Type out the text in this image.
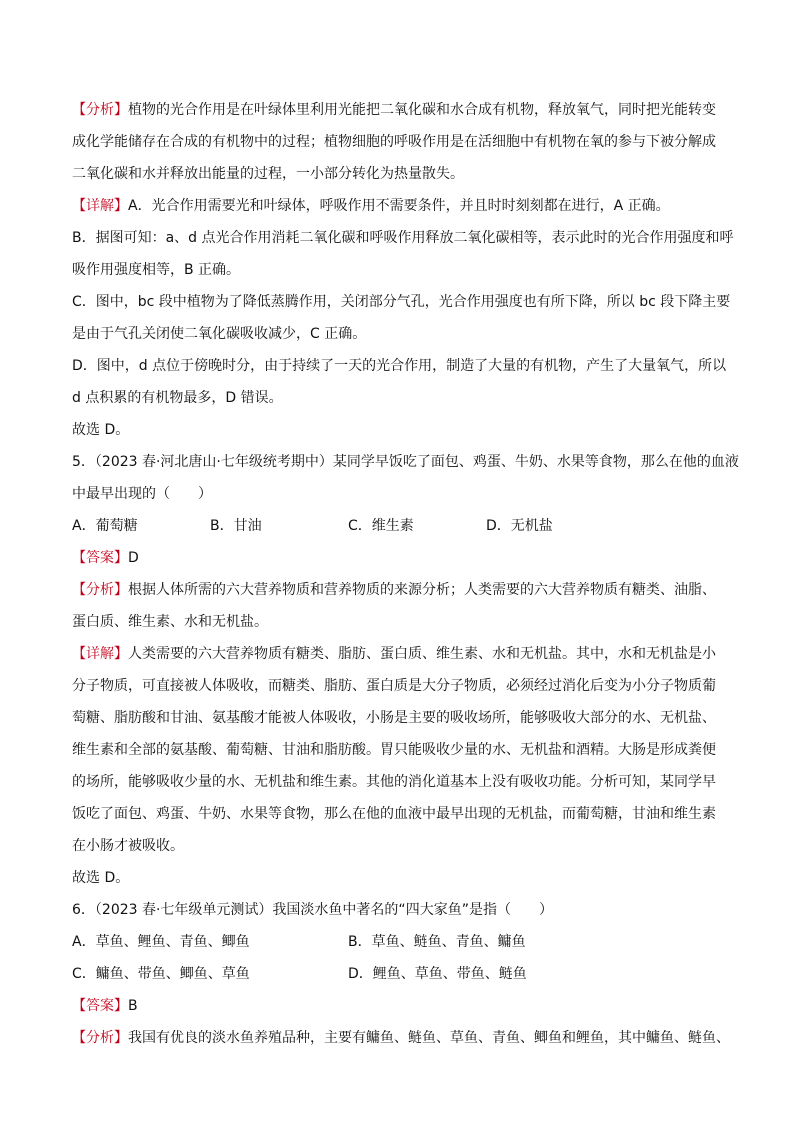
【分析】植物的光合作用是在叶绿体里利用光能把二氧化碳和水合成有机物，释放氧气，同时把光能转变
成化学能储存在合成的有机物中的过程；植物细胞的呼吸作用是在活细胞中有机物在氧的参与下被分解成
二氧化碳和水并释放出能量的过程，一小部分转化为热量散失。
【详解】A．光合作用需要光和叶绿体，呼吸作用不需要条件，并且时时刻刻都在进行，A 正确。
B．据图可知：a、d 点光合作用消耗二氧化碳和呼吸作用释放二氧化碳相等，表示此时的光合作用强度和呼
吸作用强度相等，B 正确。
C．图中，bc 段中植物为了降低蒸腾作用，关闭部分气孔，光合作用强度也有所下降，所以 bc 段下降主要
是由于气孔关闭使二氧化碳吸收减少，C 正确。
D．图中，d 点位于傍晚时分，由于持续了一天的光合作用，制造了大量的有机物，产生了大量氧气，所以
d 点积累的有机物最多，D 错误。
故选 D。
5．（2023 春·河北唐山·七年级统考期中）某同学早饭吃了面包、鸡蛋、牛奶、水果等食物，那么在他的血液
中最早出现的（　　）
A．葡萄糖	B．甘油	C．维生素	D．无机盐
【答案】D
【分析】根据人体所需的六大营养物质和营养物质的来源分析；人类需要的六大营养物质有糖类、油脂、
蛋白质、维生素、水和无机盐。
【详解】人类需要的六大营养物质有糖类、脂肪、蛋白质、维生素、水和无机盐。其中，水和无机盐是小
分子物质，可直接被人体吸收，而糖类、脂肪、蛋白质是大分子物质，必须经过消化后变为小分子物质葡
萄糖、脂肪酸和甘油、氨基酸才能被人体吸收，小肠是主要的吸收场所，能够吸收大部分的水、无机盐、
维生素和全部的氨基酸、葡萄糖、甘油和脂肪酸。胃只能吸收少量的水、无机盐和酒精。大肠是形成粪便
的场所，能够吸收少量的水、无机盐和维生素。其他的消化道基本上没有吸收功能。分析可知，某同学早
饭吃了面包、鸡蛋、牛奶、水果等食物，那么在他的血液中最早出现的无机盐，而葡萄糖，甘油和维生素
在小肠才被吸收。
故选 D。
6．（2023 春·七年级单元测试）我国淡水鱼中著名的“四大家鱼”是指（　　）
A．草鱼、鲤鱼、青鱼、鲫鱼	B．草鱼、鲢鱼、青鱼、鳙鱼
C．鳙鱼、带鱼、鲫鱼、草鱼	D．鲤鱼、草鱼、带鱼、鲢鱼
【答案】B
【分析】我国有优良的淡水鱼养殖品种，主要有鳙鱼、鲢鱼、草鱼、青鱼、鲫鱼和鲤鱼，其中鳙鱼、鲢鱼、
